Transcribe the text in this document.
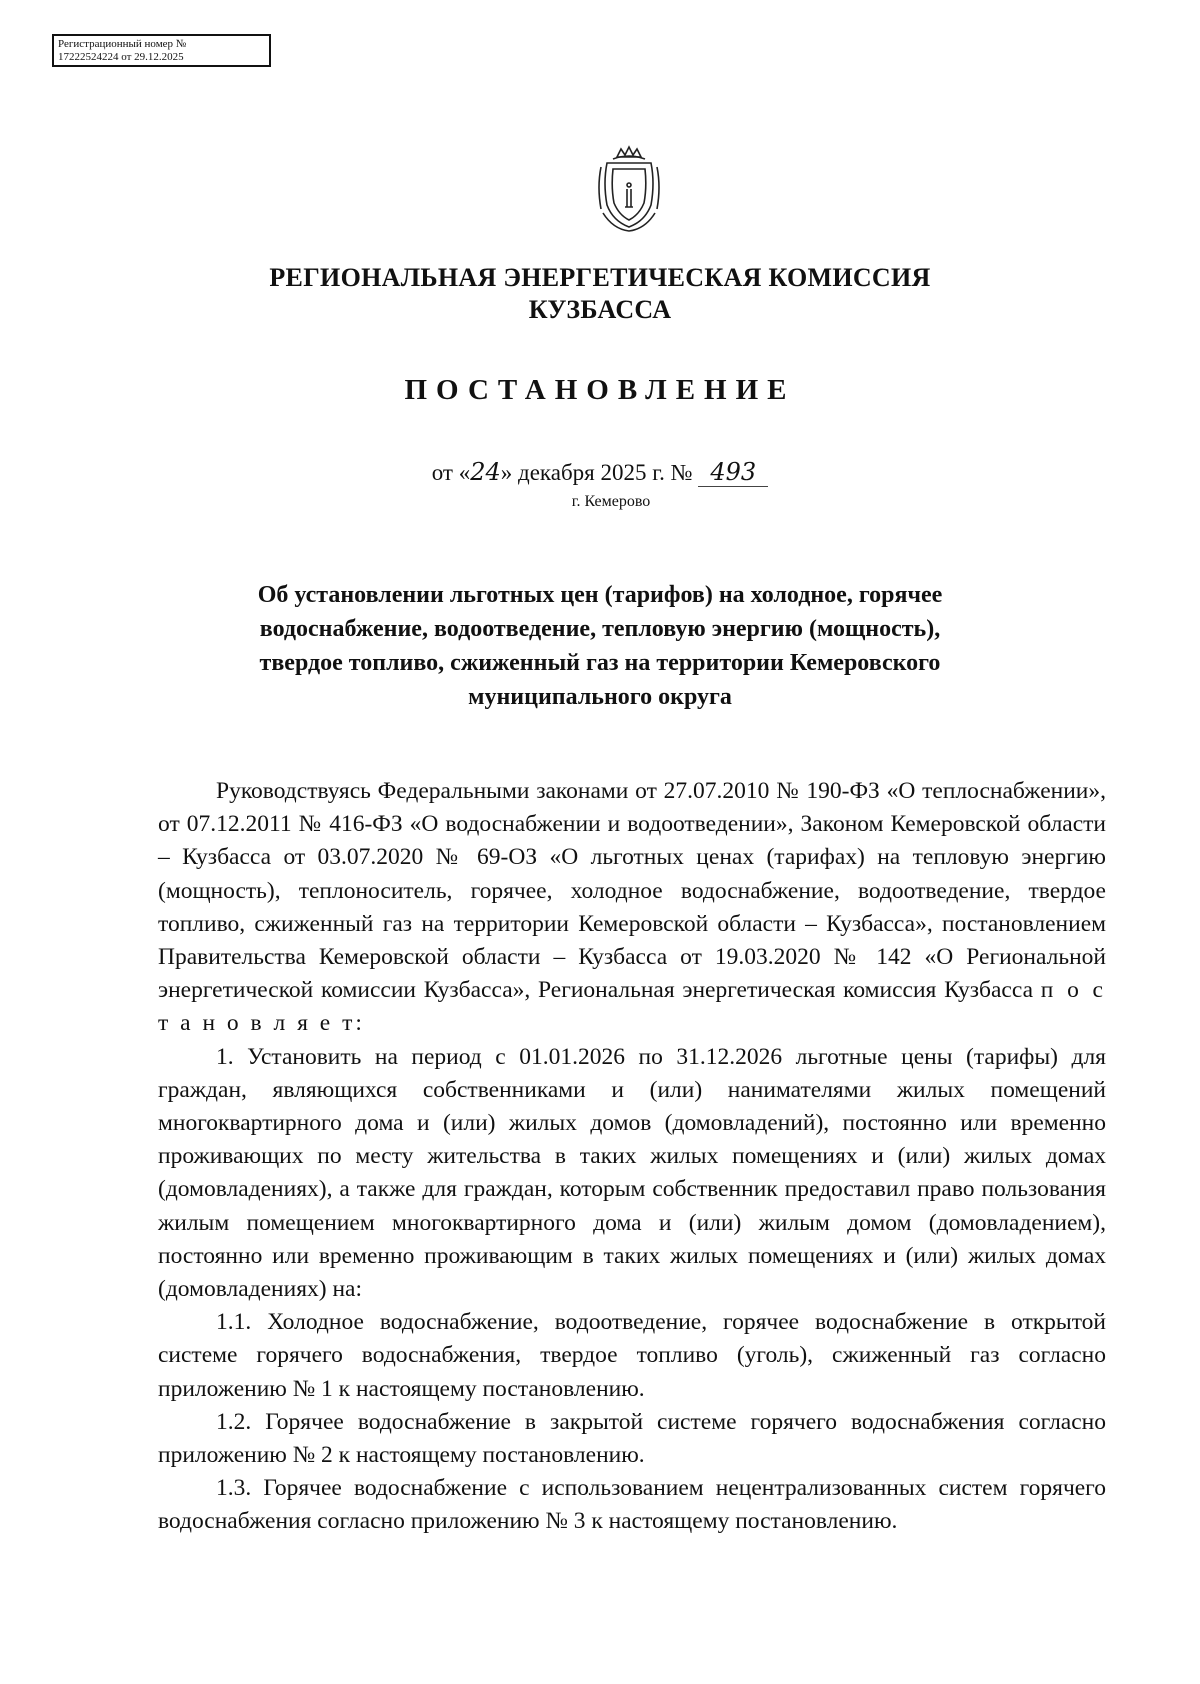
Регистрационный номер №
17222524224 от 29.12.2025
РЕГИОНАЛЬНАЯ ЭНЕРГЕТИЧЕСКАЯ КОМИССИЯ
КУЗБАССА
ПОСТАНОВЛЕНИЕ
от «24» декабря 2025 г. № 493
г. Кемерово
Об установлении льготных цен (тарифов) на холодное, горячее
водоснабжение, водоотведение, тепловую энергию (мощность),
твердое топливо, сжиженный газ на территории Кемеровского
муниципального округа

Руководствуясь Федеральными законами от 27.07.2010 № 190-ФЗ «О теплоснабжении», от 07.12.2011 № 416-ФЗ «О водоснабжении и водоотведении», Законом Кемеровской области – Кузбасса от 03.07.2020 № 69-ОЗ «О льготных ценах (тарифах) на тепловую энергию (мощность), теплоноситель, горячее, холодное водоснабжение, водоотведение, твердое топливо, сжиженный газ на территории Кемеровской области – Кузбасса», постановлением Правительства Кемеровской области – Кузбасса от 19.03.2020 № 142 «О Региональной энергетической комиссии Кузбасса», Региональная энергетическая комиссия Кузбасса п о с т а н о в л я е т:

1. Установить на период с 01.01.2026 по 31.12.2026 льготные цены (тарифы) для граждан, являющихся собственниками и (или) нанимателями жилых помещений многоквартирного дома и (или) жилых домов (домовладений), постоянно или временно проживающих по месту жительства в таких жилых помещениях и (или) жилых домах (домовладениях), а также для граждан, которым собственник предоставил право пользования жилым помещением многоквартирного дома и (или) жилым домом (домовладением), постоянно или временно проживающим в таких жилых помещениях и (или) жилых домах (домовладениях) на:

1.1. Холодное водоснабжение, водоотведение, горячее водоснабжение в открытой системе горячего водоснабжения, твердое топливо (уголь), сжиженный газ согласно приложению № 1 к настоящему постановлению.

1.2. Горячее водоснабжение в закрытой системе горячего водоснабжения согласно приложению № 2 к настоящему постановлению.

1.3. Горячее водоснабжение с использованием нецентрализованных систем горячего водоснабжения согласно приложению № 3 к настоящему постановлению.
